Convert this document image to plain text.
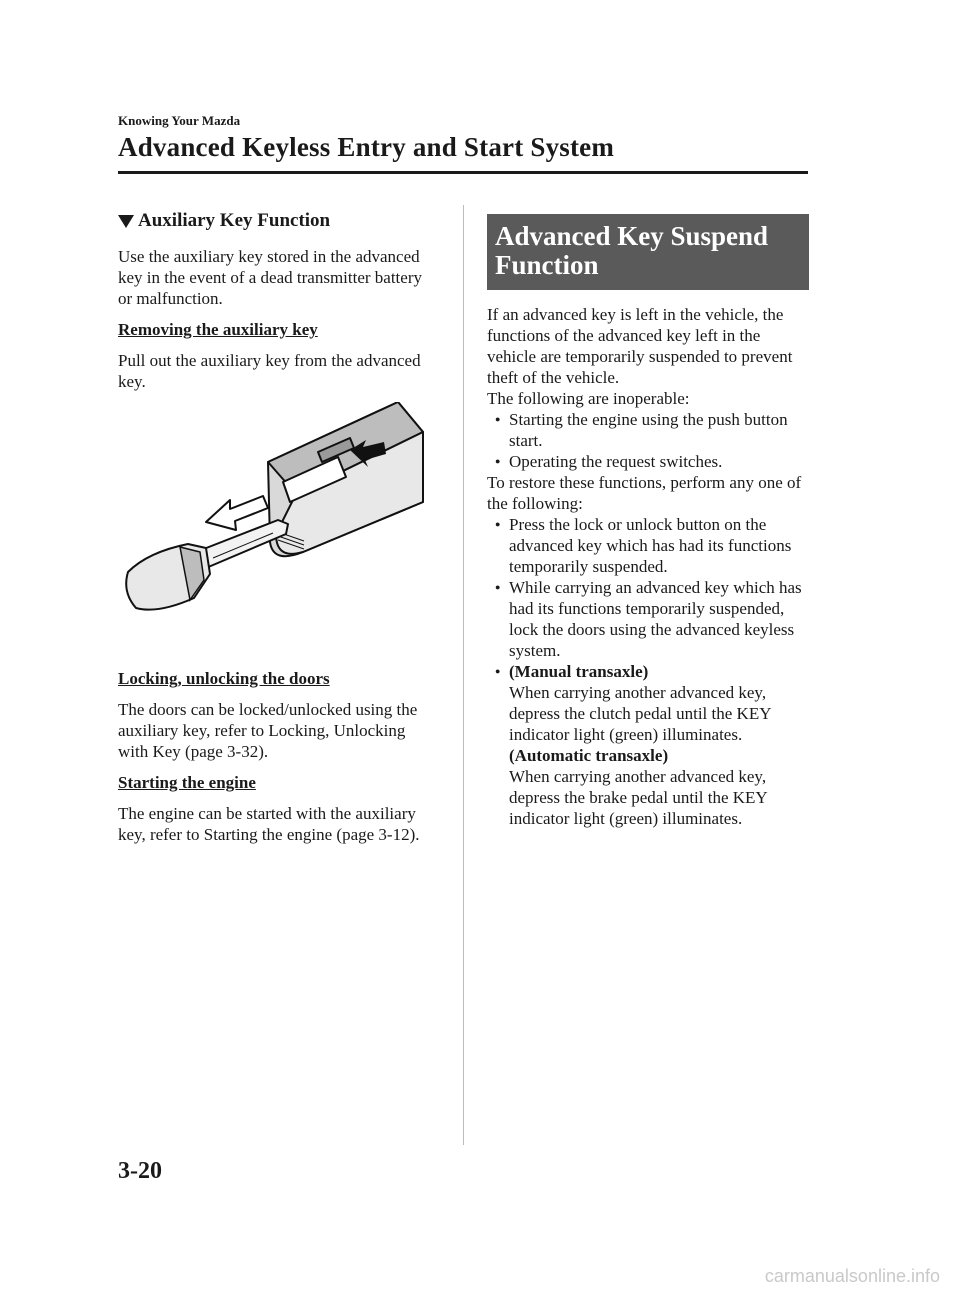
Knowing Your Mazda
Advanced Keyless Entry and Start System
Auxiliary Key Function

Use the auxiliary key stored in the advanced key in the event of a dead transmitter battery or malfunction.

Removing the auxiliary key

Pull out the auxiliary key from the advanced key.

Locking, unlocking the doors

The doors can be locked/unlocked using the auxiliary key, refer to Locking, Unlocking with Key (page 3-32).

Starting the engine

The engine can be started with the auxiliary key, refer to Starting the engine (page 3-12).

Advanced Key Suspend Function

If an advanced key is left in the vehicle, the functions of the advanced key left in the vehicle are temporarily suspended to prevent theft of the vehicle.

The following are inoperable:

● Starting the engine using the push button start.
● Operating the request switches.

To restore these functions, perform any one of the following:

● Press the lock or unlock button on the advanced key which has had its functions temporarily suspended.
● While carrying an advanced key which has had its functions temporarily suspended, lock the doors using the advanced keyless system.
● (Manual transaxle)
When carrying another advanced key, depress the clutch pedal until the KEY indicator light (green) illuminates.
(Automatic transaxle)
When carrying another advanced key, depress the brake pedal until the KEY indicator light (green) illuminates.
3-20
carmanualsonline.info
